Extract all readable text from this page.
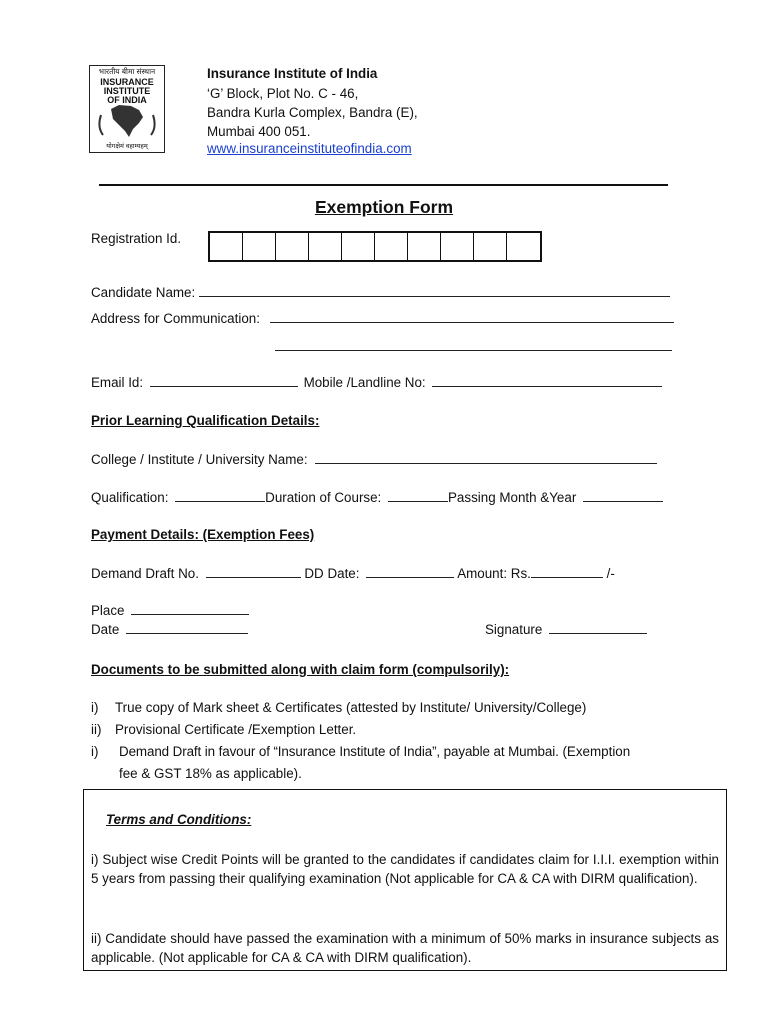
भारतीय बीमा संस्थान
INSURANCE
INSTITUTE
OF INDIA
योगक्षेमं वहाम्यहम्
Insurance Institute of India
‘G’ Block, Plot No. C - 46,
Bandra Kurla Complex, Bandra (E),
Mumbai 400 051.
www.insuranceinstituteofindia.com
Exemption Form
Registration Id.
Candidate Name:
Address for Communication:
Email Id:	Mobile /Landline No:
Prior Learning Qualification Details:
College / Institute / University Name:
Qualification:	Duration of Course:	Passing Month &Year
Payment Details: (Exemption Fees)
Demand Draft No.	DD Date:	Amount: Rs.	/-
Place
Date	Signature
Documents to be submitted along with claim form (compulsorily):
i) True copy of Mark sheet & Certificates (attested by Institute/ University/College)
ii) Provisional Certificate /Exemption Letter.
i) Demand Draft in favour of “Insurance Institute of India”, payable at Mumbai. (Exemption
fee & GST 18% as applicable).
Terms and Conditions:
i) Subject wise Credit Points will be granted to the candidates if candidates claim for I.I.I. exemption within 5 years from passing their qualifying examination (Not applicable for CA & CA with DIRM qualification).
ii) Candidate should have passed the examination with a minimum of 50% marks in insurance subjects as applicable. (Not applicable for CA & CA with DIRM qualification).
